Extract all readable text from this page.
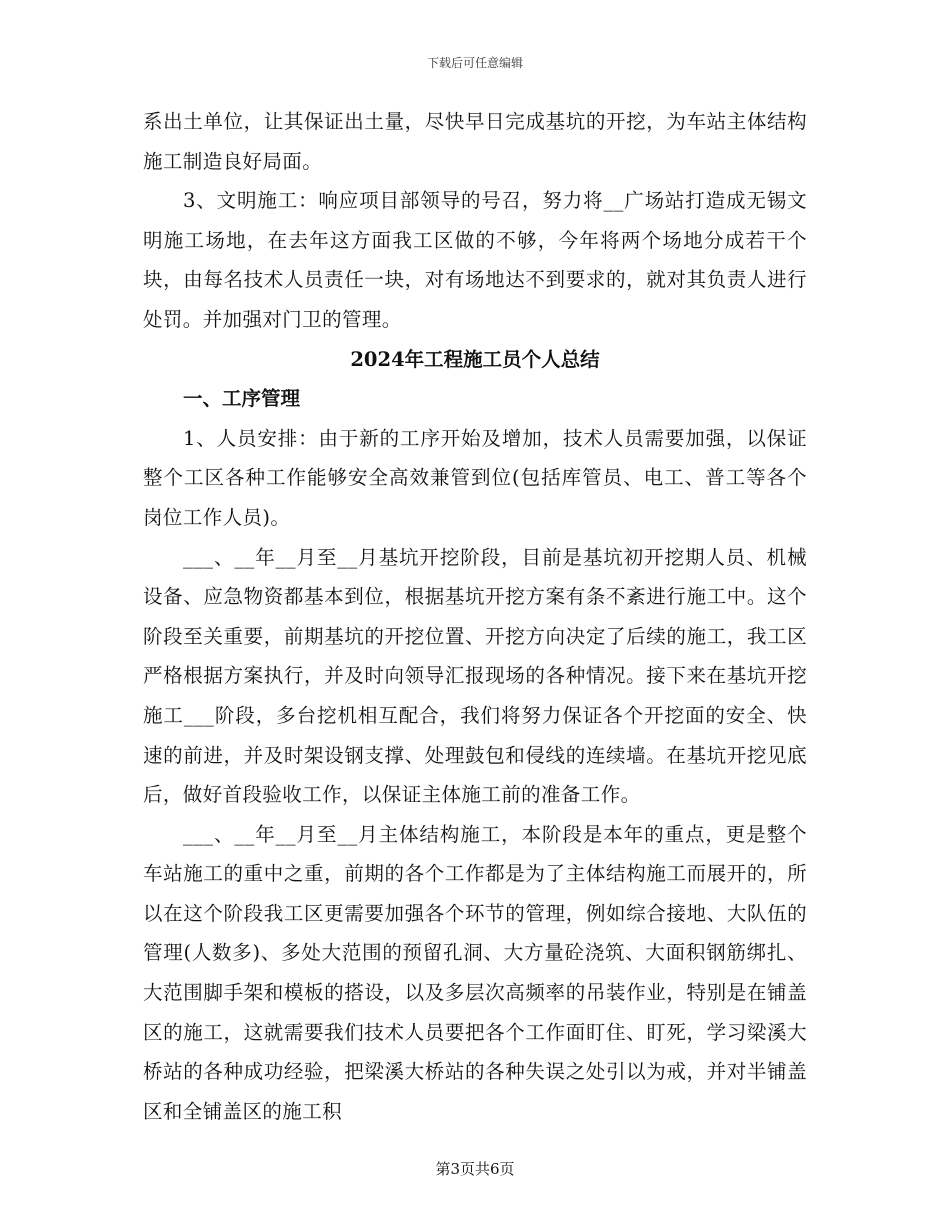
下载后可任意编辑

系出土单位，让其保证出土量，尽快早日完成基坑的开挖，为车站主体结构施工制造良好局面。

3、文明施工：响应项目部领导的号召，努力将__广场站打造成无锡文明施工场地，在去年这方面我工区做的不够，今年将两个场地分成若干个块，由每名技术人员责任一块，对有场地达不到要求的，就对其负责人进行处罚。并加强对门卫的管理。

2024年工程施工员个人总结
一、工序管理

1、人员安排：由于新的工序开始及增加，技术人员需要加强，以保证整个工区各种工作能够安全高效兼管到位(包括库管员、电工、普工等各个岗位工作人员)。

___、__年__月至__月基坑开挖阶段，目前是基坑初开挖期人员、机械设备、应急物资都基本到位，根据基坑开挖方案有条不紊进行施工中。这个阶段至关重要，前期基坑的开挖位置、开挖方向决定了后续的施工，我工区严格根据方案执行，并及时向领导汇报现场的各种情况。接下来在基坑开挖施工___阶段，多台挖机相互配合，我们将努力保证各个开挖面的安全、快速的前进，并及时架设钢支撑、处理鼓包和侵线的连续墙。在基坑开挖见底后，做好首段验收工作，以保证主体施工前的准备工作。

___、__年__月至__月主体结构施工，本阶段是本年的重点，更是整个车站施工的重中之重，前期的各个工作都是为了主体结构施工而展开的，所以在这个阶段我工区更需要加强各个环节的管理，例如综合接地、大队伍的管理(人数多)、多处大范围的预留孔洞、大方量砼浇筑、大面积钢筋绑扎、大范围脚手架和模板的搭设，以及多层次高频率的吊装作业，特别是在铺盖区的施工，这就需要我们技术人员要把各个工作面盯住、盯死，学习梁溪大桥站的各种成功经验，把梁溪大桥站的各种失误之处引以为戒，并对半铺盖区和全铺盖区的施工积

第3页共6页
